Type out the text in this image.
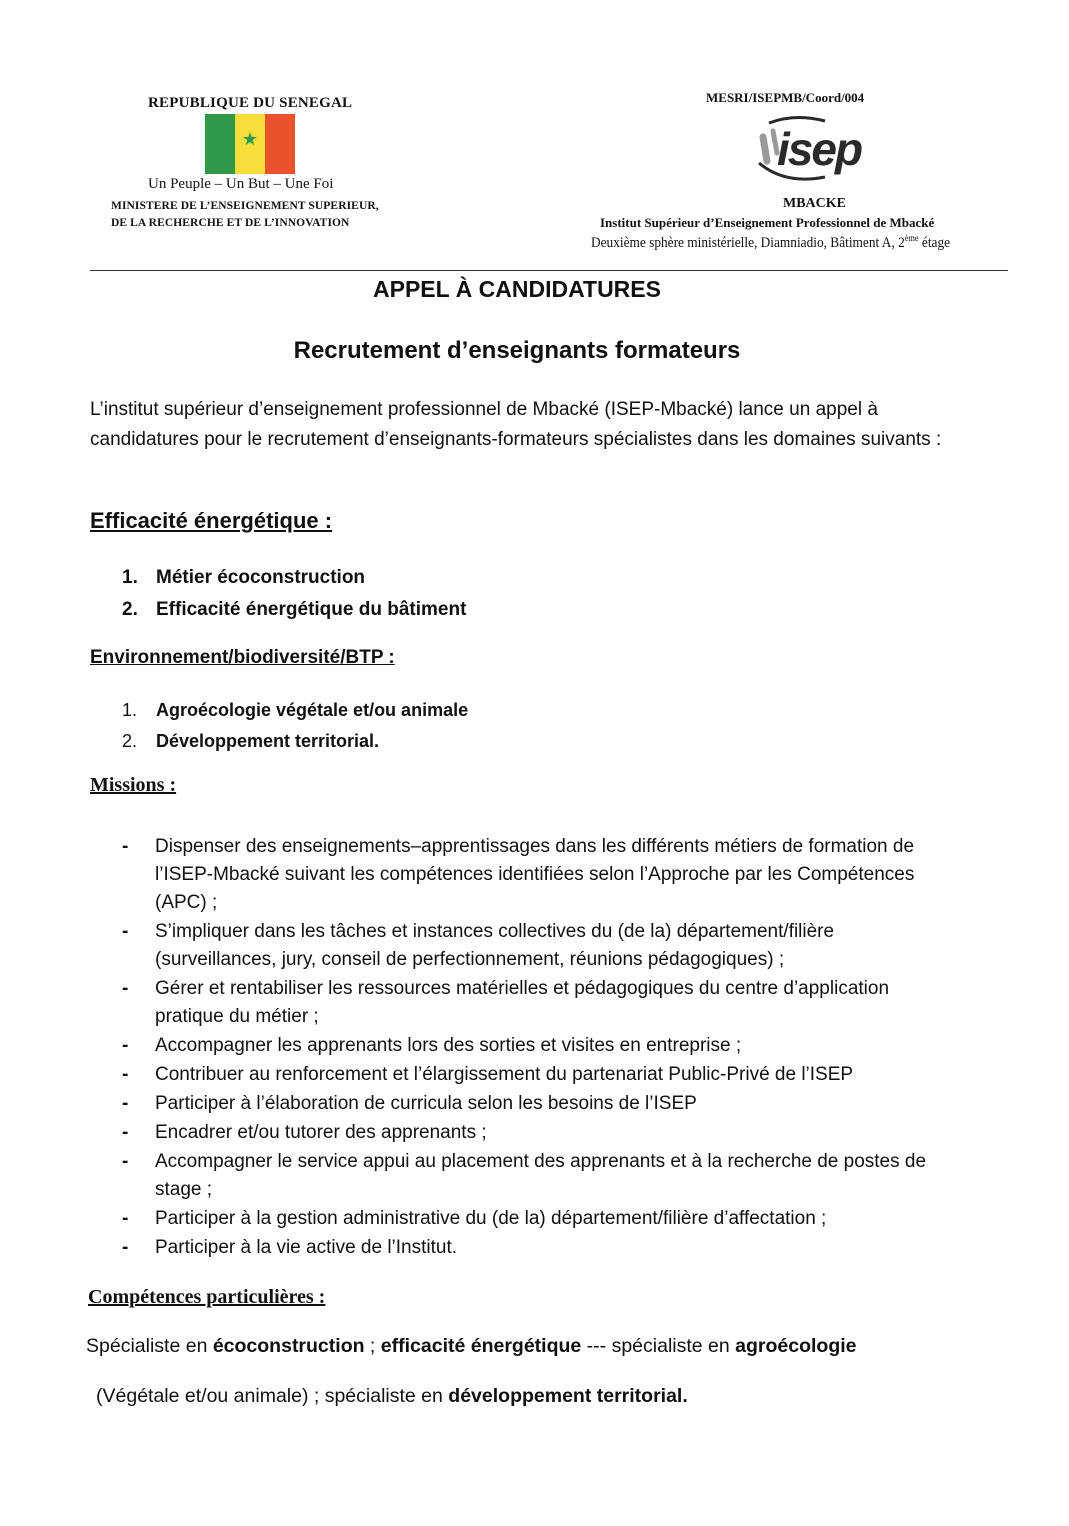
REPUBLIQUE DU SENEGAL
★
Un Peuple – Un But – Une Foi
MINISTERE DE L’ENSEIGNEMENT SUPERIEUR,
DE LA RECHERCHE ET DE L’INNOVATION
MESRI/ISEPMB/Coord/004
isep
MBACKE
Institut Supérieur d’Enseignement Professionnel de Mbacké
Deuxième sphère ministérielle, Diamniadio, Bâtiment A, 2ème étage
APPEL À CANDIDATURES
Recrutement d’enseignants formateurs
L’institut supérieur d’enseignement professionnel de Mbacké (ISEP-Mbacké) lance un appel à candidatures pour le recrutement d’enseignants-formateurs spécialistes dans les domaines suivants :
Efficacité énergétique :
1. Métier écoconstruction
2. Efficacité énergétique du bâtiment
Environnement/biodiversité/BTP :
1.	Agroécologie végétale et/ou animale
2.	Développement territorial.
Missions :
-	Dispenser des enseignements–apprentissages dans les différents métiers de formation de l’ISEP-Mbacké suivant les compétences identifiées selon l’Approche par les Compétences (APC) ;
-	S’impliquer dans les tâches et instances collectives du (de la) département/filière (surveillances, jury, conseil de perfectionnement, réunions pédagogiques) ;
-	Gérer et rentabiliser les ressources matérielles et pédagogiques du centre d’application pratique du métier ;
-	Accompagner les apprenants lors des sorties et visites en entreprise ;
-	Contribuer au renforcement et l’élargissement du partenariat Public-Privé de l’ISEP
-	Participer à l’élaboration de curricula selon les besoins de l’ISEP
-	Encadrer et/ou tutorer des apprenants ;
-	Accompagner le service appui au placement des apprenants et à la recherche de postes de stage ;
-	Participer à la gestion administrative du (de la) département/filière d’affectation ;
-	Participer à la vie active de l’Institut.
Compétences particulières :
Spécialiste en écoconstruction ; efficacité énergétique --- spécialiste en agroécologie
(Végétale et/ou animale) ; spécialiste en développement territorial.
